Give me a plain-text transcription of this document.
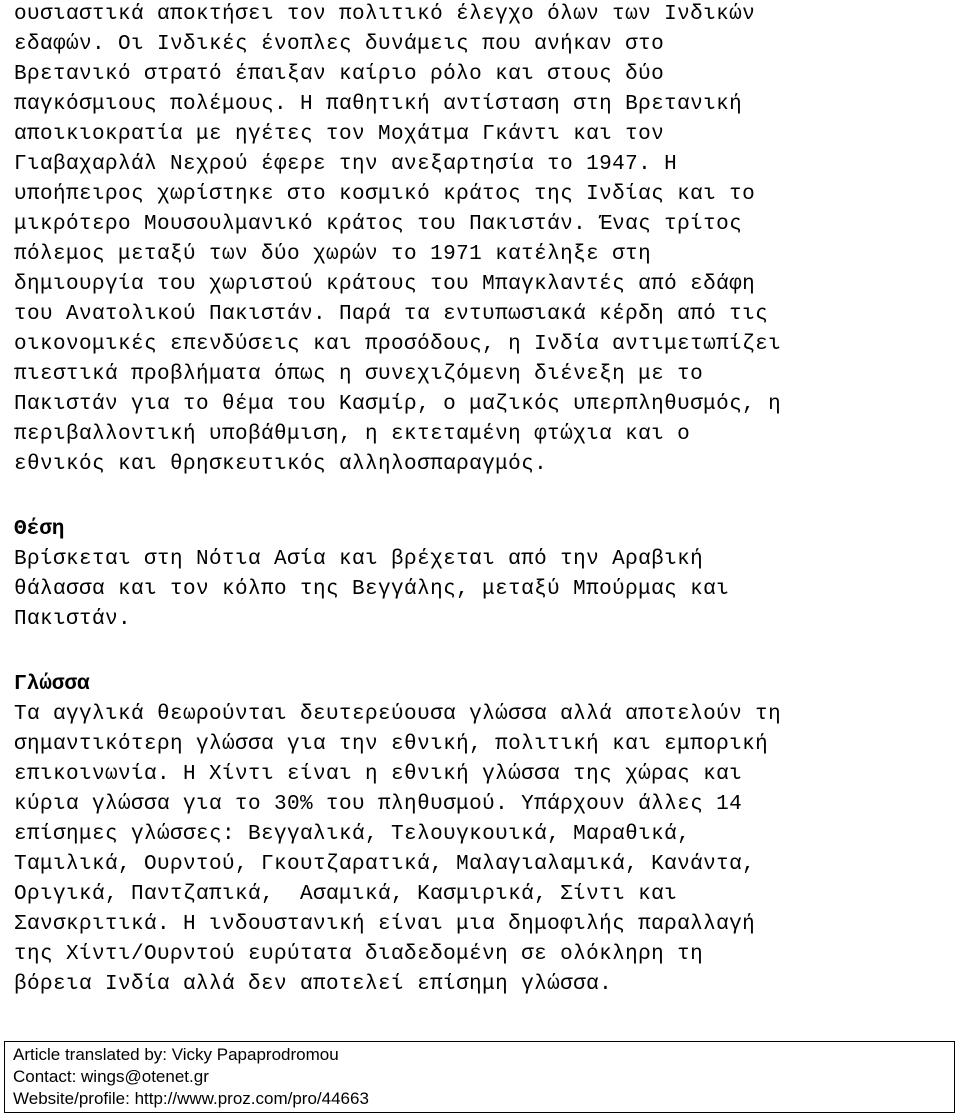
ουσιαστικά αποκτήσει τον πολιτικό έλεγχο όλων των Ινδικών
εδαφών. Οι Ινδικές ένοπλες δυνάμεις που ανήκαν στο
Βρετανικό στρατό έπαιξαν καίριο ρόλο και στους δύο
παγκόσμιους πολέμους. Η παθητική αντίσταση στη Βρετανική
αποικιοκρατία με ηγέτες τον Μοχάτμα Γκάντι και τον
Γιαβαχαρλάλ Νεχρού έφερε την ανεξαρτησία το 1947. Η
υποήπειρος χωρίστηκε στο κοσμικό κράτος της Ινδίας και το
μικρότερο Μουσουλμανικό κράτος του Πακιστάν. Ένας τρίτος
πόλεμος μεταξύ των δύο χωρών το 1971 κατέληξε στη
δημιουργία του χωριστού κράτους του Μπαγκλαντές από εδάφη
του Ανατολικού Πακιστάν. Παρά τα εντυπωσιακά κέρδη από τις
οικονομικές επενδύσεις και προσόδους, η Ινδία αντιμετωπίζει
πιεστικά προβλήματα όπως η συνεχιζόμενη διένεξη με το
Πακιστάν για το θέμα του Κασμίρ, ο μαζικός υπερπληθυσμός, η
περιβαλλοντική υποβάθμιση, η εκτεταμένη φτώχια και ο
εθνικός και θρησκευτικός αλληλοσπαραγμός.
Θέση
Βρίσκεται στη Νότια Ασία και βρέχεται από την Αραβική
θάλασσα και τον κόλπο της Βεγγάλης, μεταξύ Μπούρμας και
Πακιστάν.
Γλώσσα
Τα αγγλικά θεωρούνται δευτερεύουσα γλώσσα αλλά αποτελούν τη
σημαντικότερη γλώσσα για την εθνική, πολιτική και εμπορική
επικοινωνία. Η Χίντι είναι η εθνική γλώσσα της χώρας και
κύρια γλώσσα για το 30% του πληθυσμού. Υπάρχουν άλλες 14
επίσημες γλώσσες: Βεγγαλικά, Τελουγκουικά, Μαραθικά,
Ταμιλικά, Ουρντού, Γκουτζαρατικά, Μαλαγιαλαμικά, Κανάντα,
Οριγικά, Παντζαπικά,  Ασαμικά, Κασμιρικά, Σίντι και
Σανσκριτικά. Η ινδουστανική είναι μια δημοφιλής παραλλαγή
της Χίντι/Ουρντού ευρύτατα διαδεδομένη σε ολόκληρη τη
βόρεια Ινδία αλλά δεν αποτελεί επίσημη γλώσσα.
Article translated by: Vicky Papaprodromou
Contact: wings@otenet.gr
Website/profile: http://www.proz.com/pro/44663
